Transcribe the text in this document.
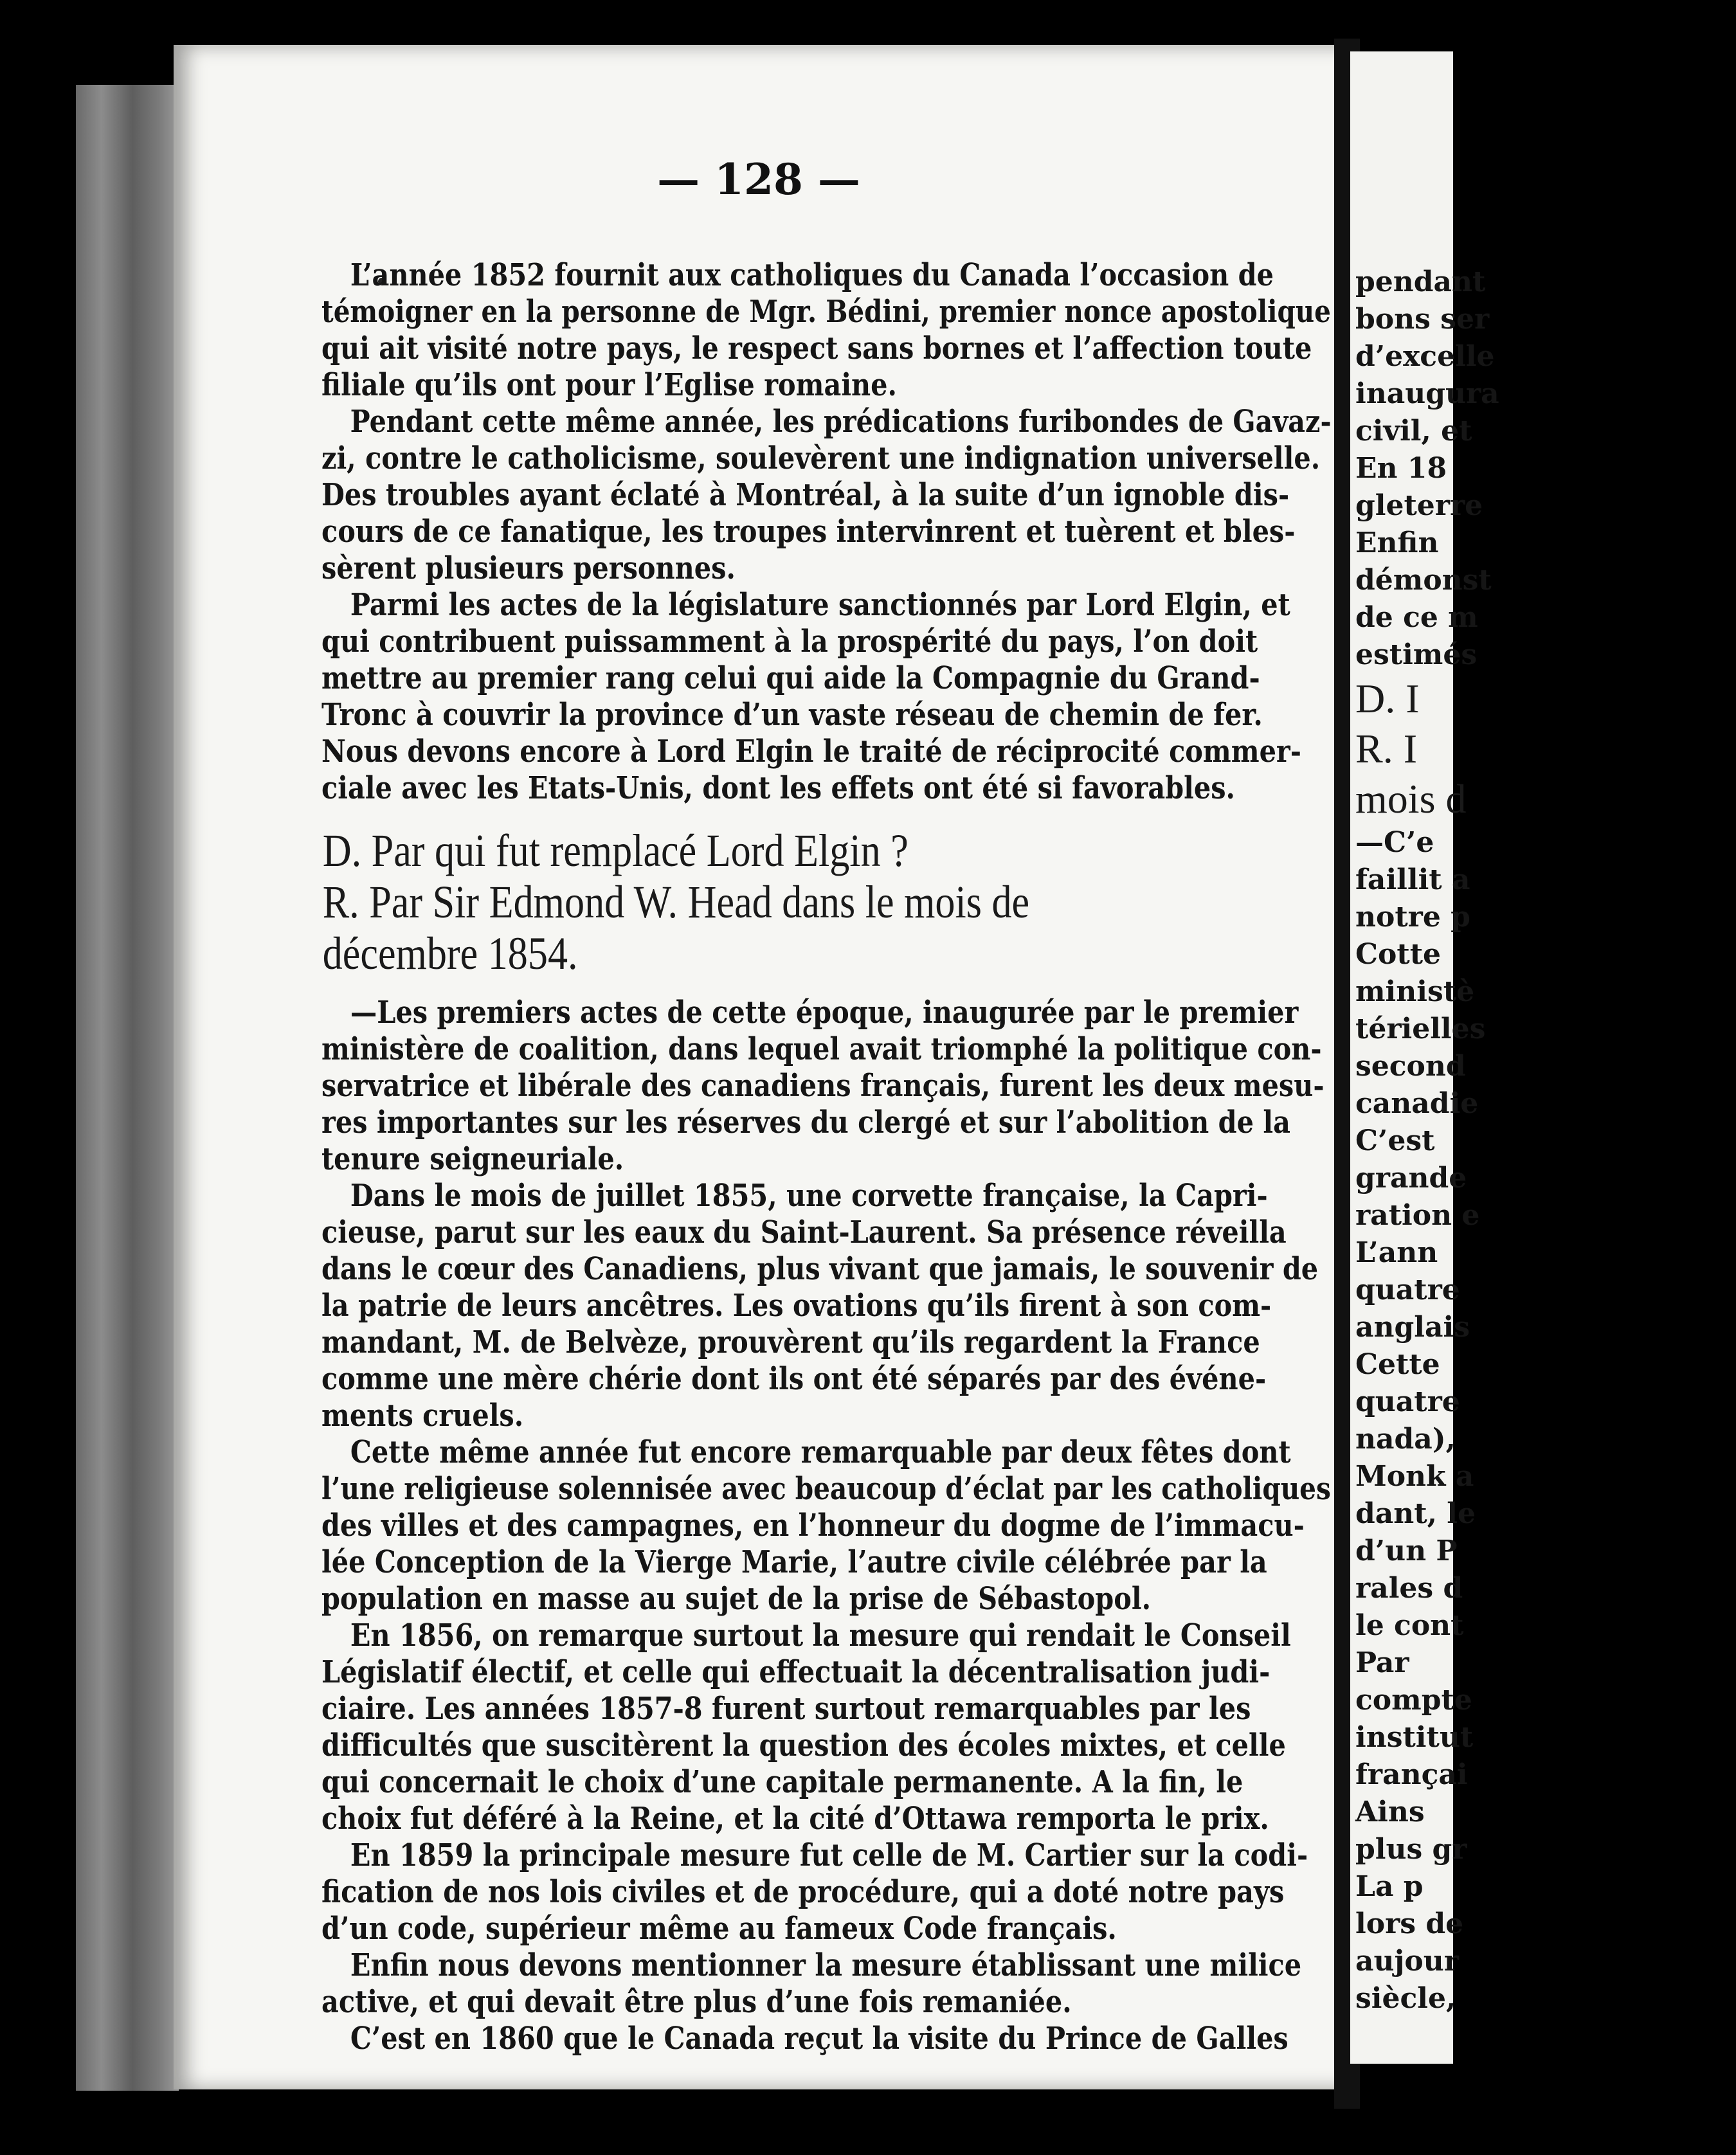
— 128 —
L’année 1852 fournit aux catholiques du Canada l’occasion de
témoigner en la personne de Mgr. Bédini, premier nonce apostolique
qui ait visité notre pays, le respect sans bornes et l’affection toute
filiale qu’ils ont pour l’Eglise romaine.
Pendant cette même année, les prédications furibondes de Gavaz-
zi, contre le catholicisme, soulevèrent une indignation universelle.
Des troubles ayant éclaté à Montréal, à la suite d’un ignoble dis-
cours de ce fanatique, les troupes intervinrent et tuèrent et bles-
sèrent plusieurs personnes.
Parmi les actes de la législature sanctionnés par Lord Elgin, et
qui contribuent puissamment à la prospérité du pays, l’on doit
mettre au premier rang celui qui aide la Compagnie du Grand-
Tronc à couvrir la province d’un vaste réseau de chemin de fer.
Nous devons encore à Lord Elgin le traité de réciprocité commer-
ciale avec les Etats-Unis, dont les effets ont été si favorables.
D. Par qui fut remplacé Lord Elgin ?
R. Par Sir Edmond W. Head dans le mois de
décembre 1854.
—Les premiers actes de cette époque, inaugurée par le premier
ministère de coalition, dans lequel avait triomphé la politique con-
servatrice et libérale des canadiens français, furent les deux mesu-
res importantes sur les réserves du clergé et sur l’abolition de la
tenure seigneuriale.
Dans le mois de juillet 1855, une corvette française, la Capri-
cieuse, parut sur les eaux du Saint-Laurent. Sa présence réveilla
dans le cœur des Canadiens, plus vivant que jamais, le souvenir de
la patrie de leurs ancêtres. Les ovations qu’ils firent à son com-
mandant, M. de Belvèze, prouvèrent qu’ils regardent la France
comme une mère chérie dont ils ont été séparés par des événe-
ments cruels.
Cette même année fut encore remarquable par deux fêtes dont
l’une religieuse solennisée avec beaucoup d’éclat par les catholiques
des villes et des campagnes, en l’honneur du dogme de l’immacu-
lée Conception de la Vierge Marie, l’autre civile célébrée par la
population en masse au sujet de la prise de Sébastopol.
En 1856, on remarque surtout la mesure qui rendait le Conseil
Législatif électif, et celle qui effectuait la décentralisation judi-
ciaire. Les années 1857-8 furent surtout remarquables par les
difficultés que suscitèrent la question des écoles mixtes, et celle
qui concernait le choix d’une capitale permanente. A la fin, le
choix fut déféré à la Reine, et la cité d’Ottawa remporta le prix.
En 1859 la principale mesure fut celle de M. Cartier sur la codi-
fication de nos lois civiles et de procédure, qui a doté notre pays
d’un code, supérieur même au fameux Code français.
Enfin nous devons mentionner la mesure établissant une milice
active, et qui devait être plus d’une fois remaniée.
C’est en 1860 que le Canada reçut la visite du Prince de Galles
pendant
bons ser
d’excelle
inaugura
civil, et
En 18
gleterre
Enfin
démonst
de ce m
estimés
D. I
R. I
mois d
—C’e
faillit a
notre p
Cotte
ministè
térielles
second
canadie
C’est
grande
ration e
L’ann
quatre
anglais
Cette
quatre
nada),
Monk a
dant, le
d’un P
rales d
le cont
Par
compte
institut
françai
Ains
plus gr
La p
lors de
aujour
siècle,
